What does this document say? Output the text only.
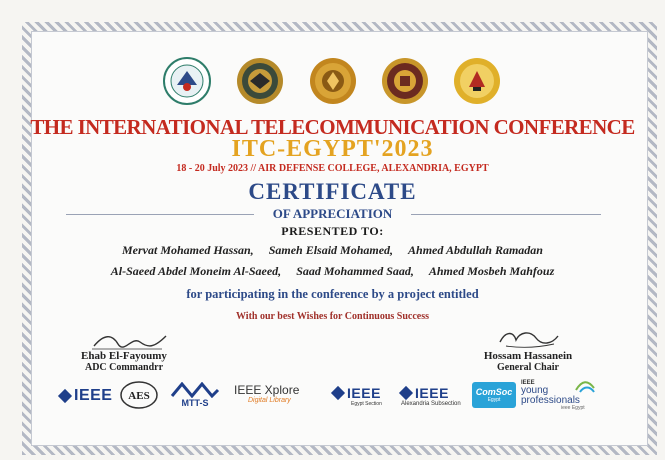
THE INTERNATIONAL TELECOMMUNICATION CONFERENCE
ITC-EGYPT'2023
18 - 20 July 2023 // AIR DEFENSE COLLEGE, ALEXANDRIA, EGYPT
CERTIFICATE
OF APPRECIATION
PRESENTED TO:
Mervat Mohamed Hassan, Sameh Elsaid Mohamed, Ahmed Abdullah Ramadan
Al-Saeed Abdel Moneim Al-Saeed, Saad Mohammed Saad, Ahmed Mosbeh Mahfouz
for participating in the conference by a project entitled
With our best Wishes for Continuous Success
Ehab El-Fayoumy
ADC Commandrr
Hossam Hassanein
General Chair
IEEE AES
MTT-S
IEEE Xplore
Digital Library	IEEE
Egypt Section
IEEE
Alexandria Subsection
ComSoc
Egypt
IEEE
young
professionals
ieee Egypt
